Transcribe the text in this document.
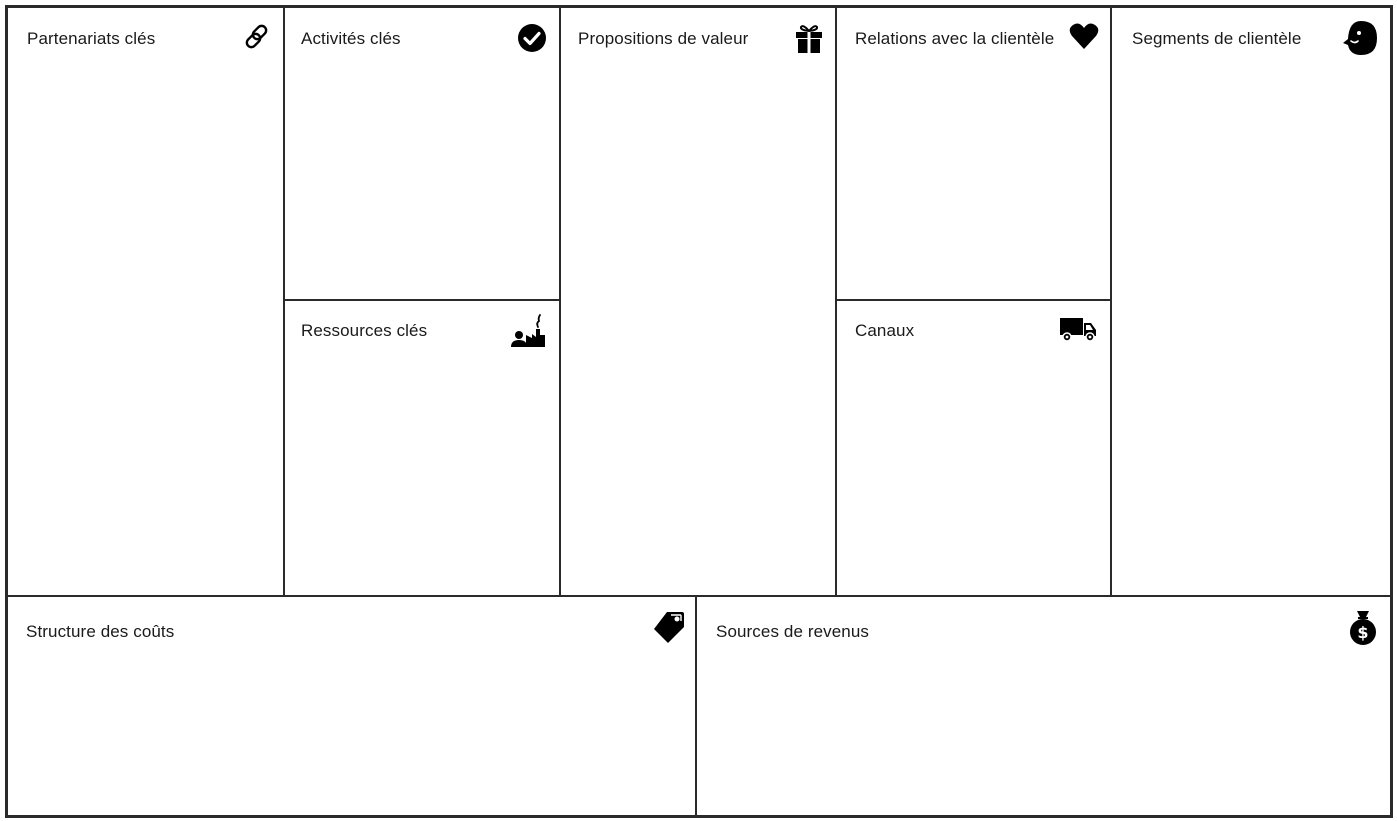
Partenariats clés	Activités clés
Ressources clés
Propositions de valeur	Relations avec la clientèle
Canaux
Segments de clientèle
Structure des coûts	Sources de revenus	$
